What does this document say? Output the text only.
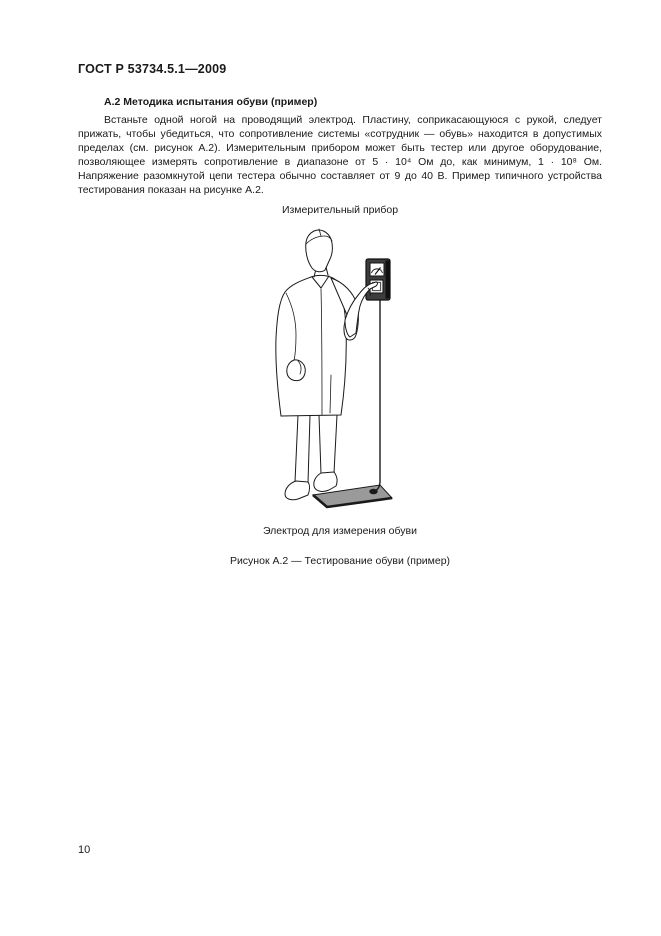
ГОСТ Р 53734.5.1—2009
А.2 Методика испытания обуви (пример)

Встаньте одной ногой на проводящий электрод. Пластину, соприкасающуюся с рукой, следует прижать, чтобы убедиться, что сопротивление системы «сотрудник — обувь» находится в допустимых пределах (см. рисунок А.2). Измерительным прибором может быть тестер или другое оборудование, позволяющее измерять сопротивление в диапазоне от 5 · 10⁴ Ом до, как минимум, 1 · 10⁸ Ом. Напряжение разомкнутой цепи тестера обычно составляет от 9 до 40 В. Пример типичного устройства тестирования показан на рисунке А.2.

Измерительный прибор
Электрод для измерения обуви
Рисунок А.2 — Тестирование обуви (пример)
10
